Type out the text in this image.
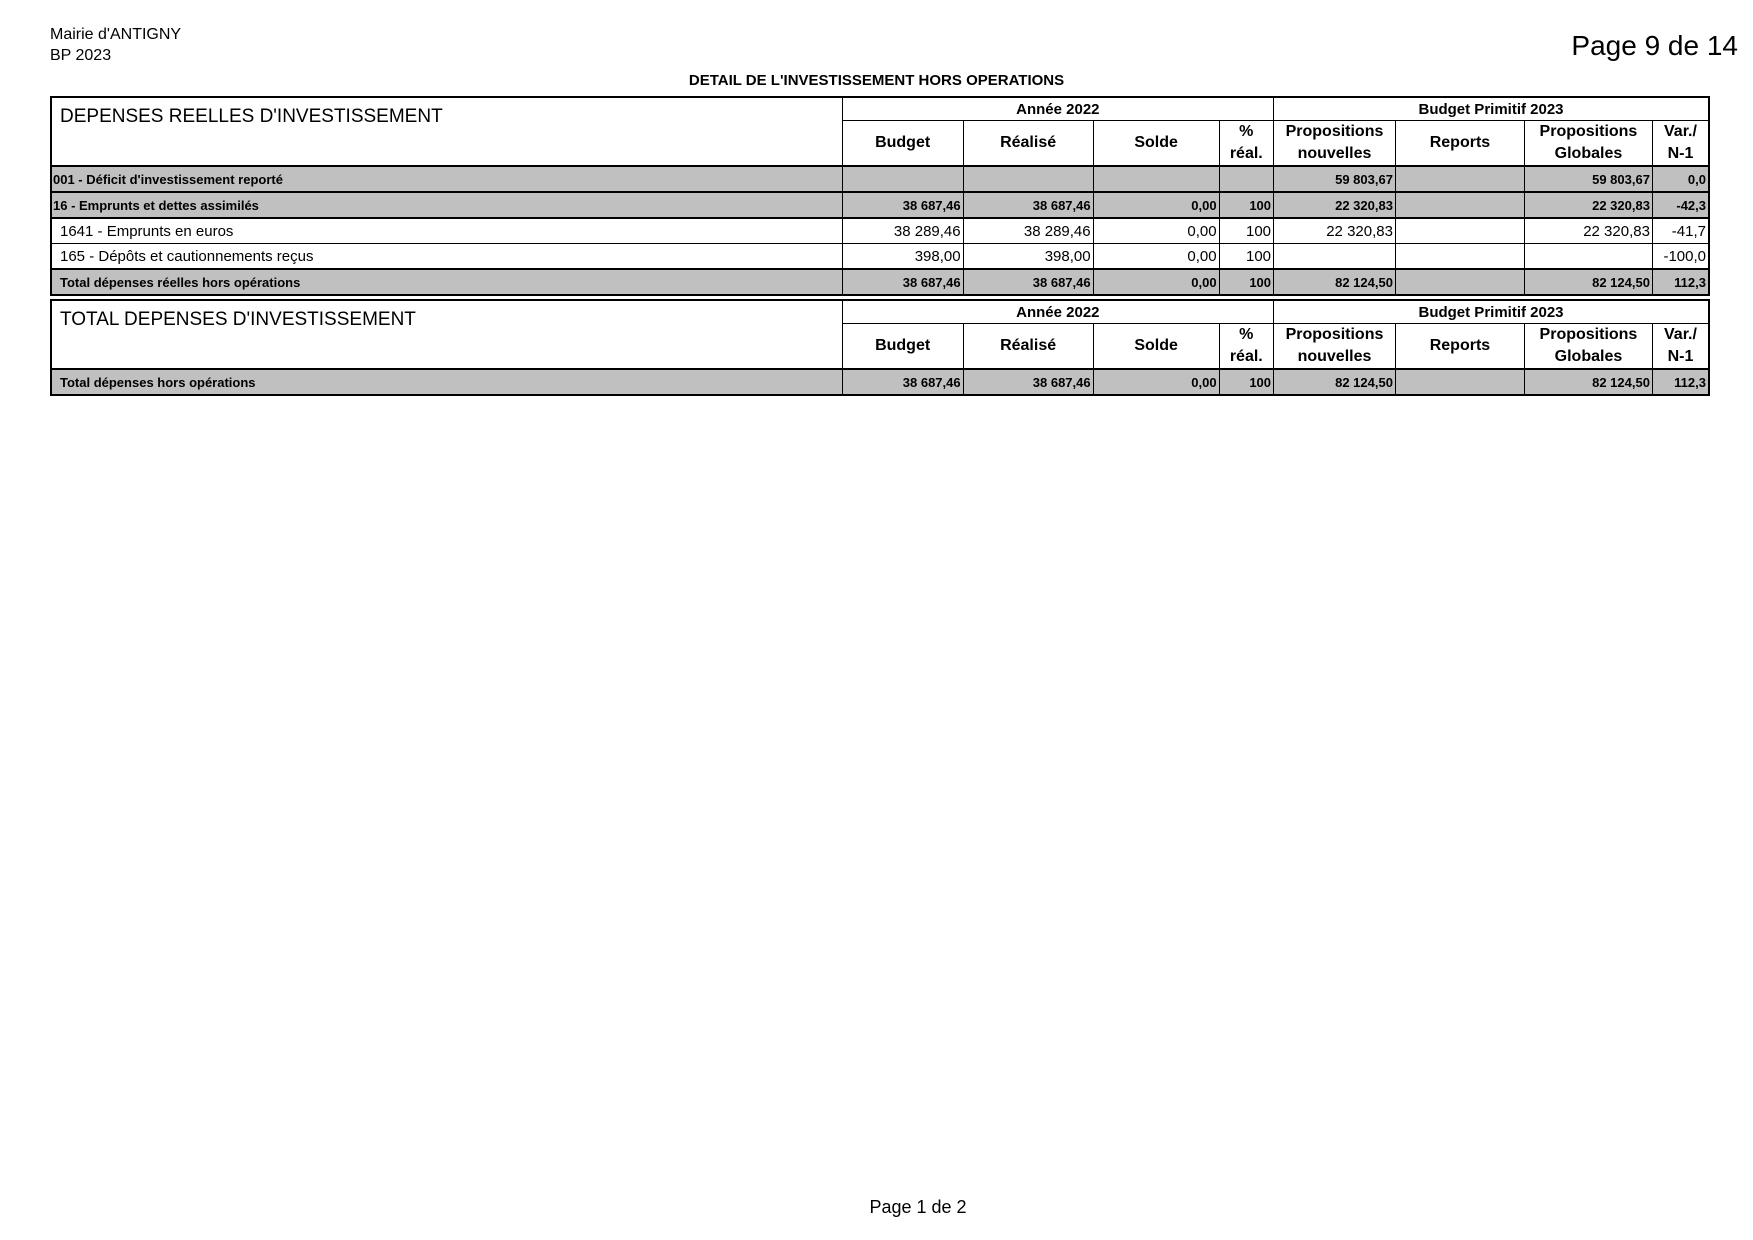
Mairie d'ANTIGNY
BP 2023	Page 9 de 14
DETAIL DE L'INVESTISSEMENT HORS OPERATIONS
DEPENSES REELLES D'INVESTISSEMENT	Année 2022				Budget Primitif 2023			
	Budget	Réalisé	Solde	% réal.	Propositions nouvelles	Reports	Propositions Globales	Var./ N-1
001 - Déficit d'investissement reporté					59 803,67		59 803,67	0,0
16 - Emprunts et dettes assimilés	38 687,46	38 687,46	0,00	100	22 320,83		22 320,83	-42,3
1641 - Emprunts en euros	38 289,46	38 289,46	0,00	100	22 320,83		22 320,83	-41,7
165 - Dépôts et cautionnements reçus	398,00	398,00	0,00	100				-100,0
Total dépenses réelles hors opérations	38 687,46	38 687,46	0,00	100	82 124,50		82 124,50	112,3
TOTAL DEPENSES D'INVESTISSEMENT	Année 2022				Budget Primitif 2023			
	Budget	Réalisé	Solde	% réal.	Propositions nouvelles	Reports	Propositions Globales	Var./ N-1
Total dépenses hors opérations	38 687,46	38 687,46	0,00	100	82 124,50		82 124,50	112,3
Page 1 de 2
